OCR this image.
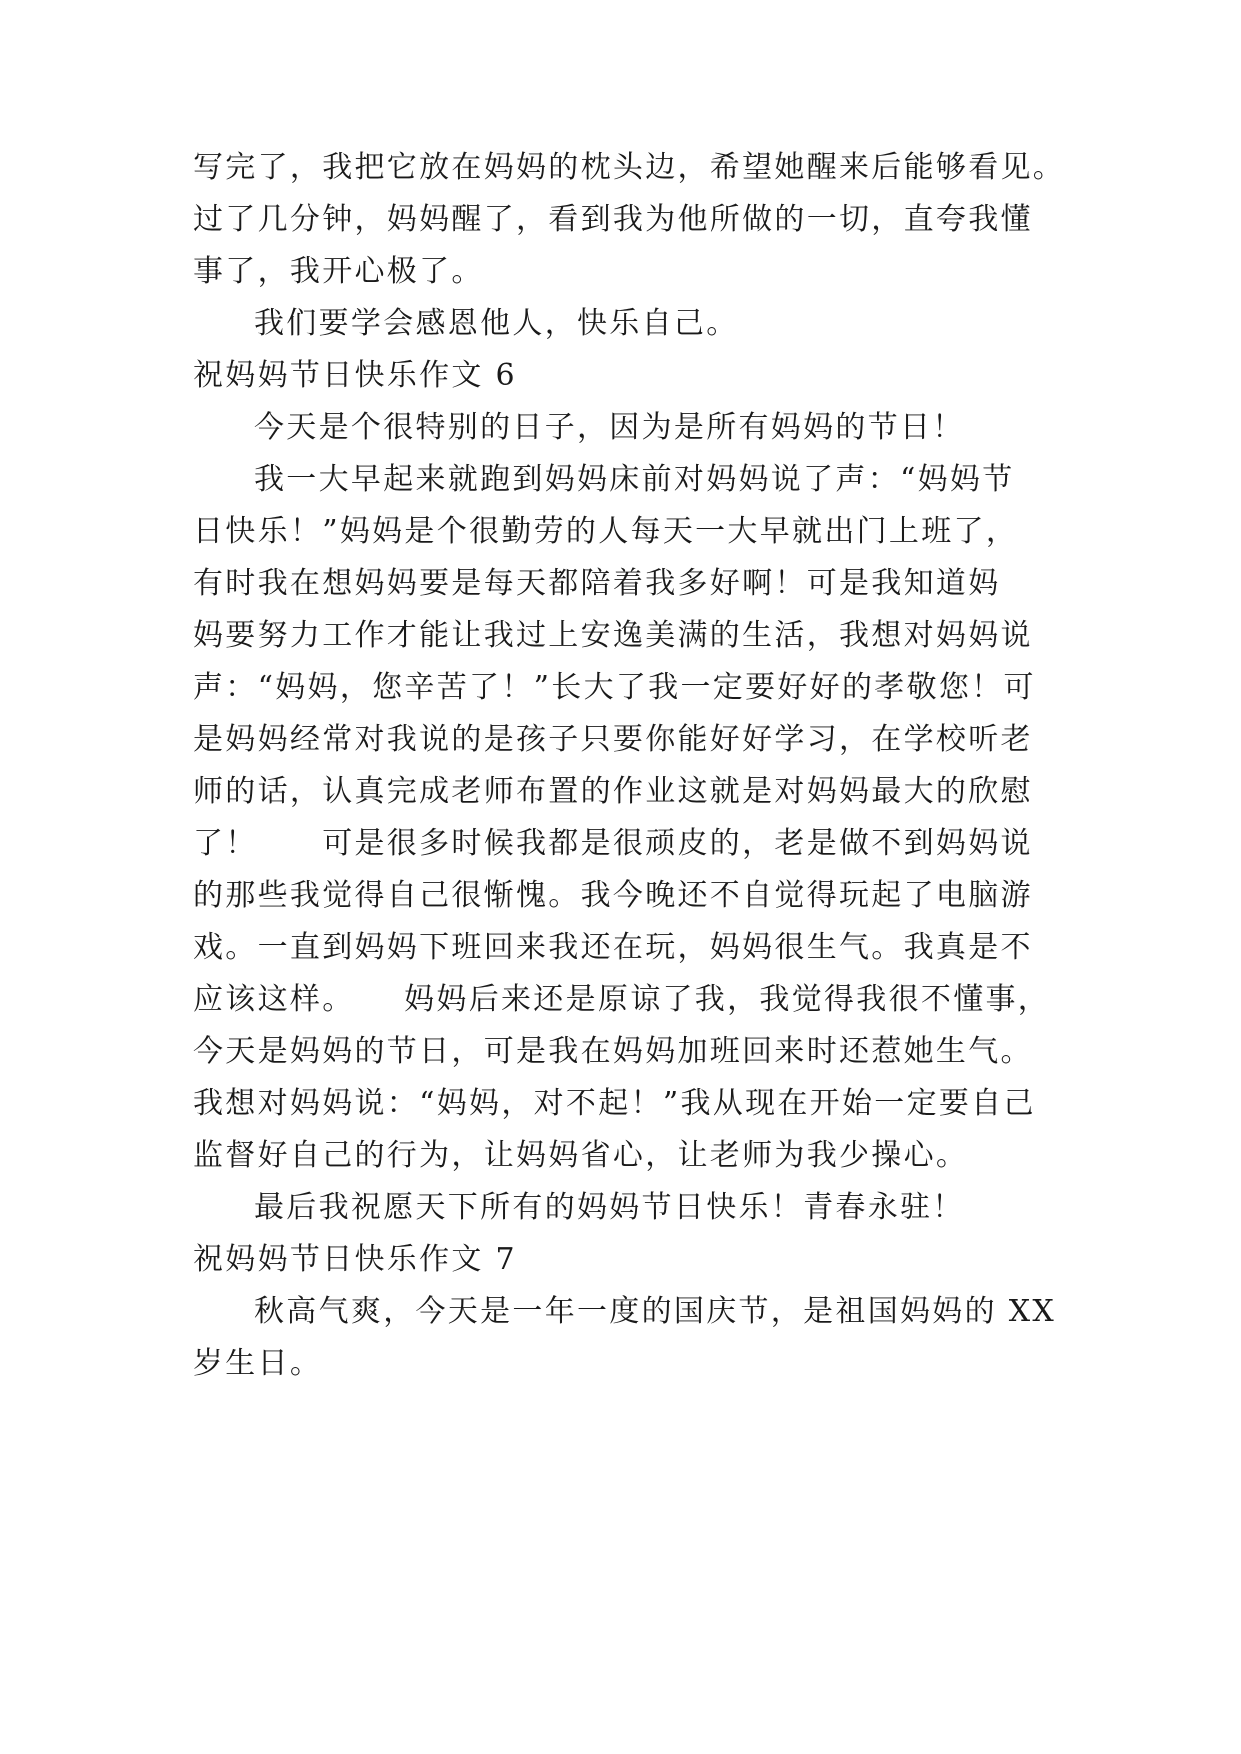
写完了，我把它放在妈妈的枕头边，希望她醒来后能够看见。
过了几分钟，妈妈醒了，看到我为他所做的一切，直夸我懂
事了，我开心极了。
我们要学会感恩他人，快乐自己。
祝妈妈节日快乐作文 6
今天是个很特别的日子，因为是所有妈妈的节日！
我一大早起来就跑到妈妈床前对妈妈说了声：“妈妈节
日快乐！”妈妈是个很勤劳的人每天一大早就出门上班了，
有时我在想妈妈要是每天都陪着我多好啊！可是我知道妈
妈要努力工作才能让我过上安逸美满的生活，我想对妈妈说
声：“妈妈，您辛苦了！”长大了我一定要好好的孝敬您！可
是妈妈经常对我说的是孩子只要你能好好学习，在学校听老
师的话，认真完成老师布置的作业这就是对妈妈最大的欣慰
了！　　可是很多时候我都是很顽皮的，老是做不到妈妈说
的那些我觉得自己很惭愧。我今晚还不自觉得玩起了电脑游
戏。一直到妈妈下班回来我还在玩，妈妈很生气。我真是不
应该这样。　　妈妈后来还是原谅了我，我觉得我很不懂事，
今天是妈妈的节日，可是我在妈妈加班回来时还惹她生气。
我想对妈妈说：“妈妈，对不起！”我从现在开始一定要自己
监督好自己的行为，让妈妈省心，让老师为我少操心。
最后我祝愿天下所有的妈妈节日快乐！青春永驻！
祝妈妈节日快乐作文 7
秋高气爽，今天是一年一度的国庆节，是祖国妈妈的 XX
岁生日。
